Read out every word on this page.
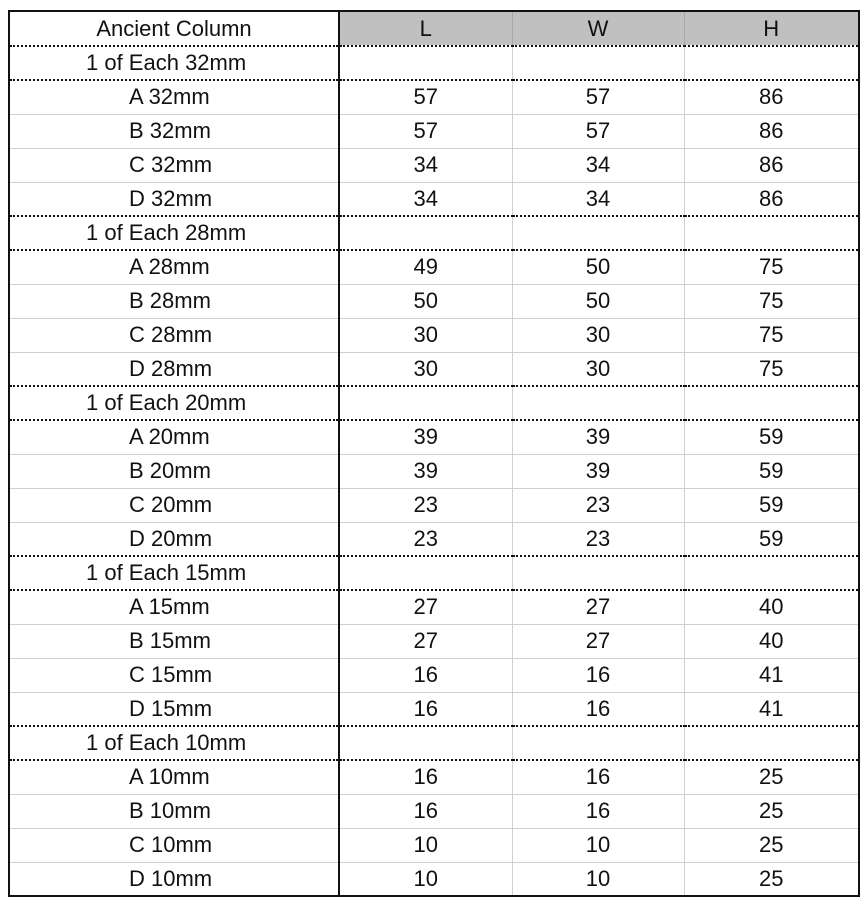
Ancient Column	L	W	H
1 of Each 32mm			
A 32mm	57	57	86
B 32mm	57	57	86
C 32mm	34	34	86
D 32mm	34	34	86
1 of Each 28mm			
A 28mm	49	50	75
B 28mm	50	50	75
C 28mm	30	30	75
D 28mm	30	30	75
1 of Each 20mm			
A 20mm	39	39	59
B 20mm	39	39	59
C 20mm	23	23	59
D 20mm	23	23	59
1 of Each 15mm			
A 15mm	27	27	40
B 15mm	27	27	40
C 15mm	16	16	41
D 15mm	16	16	41
1 of Each 10mm			
A 10mm	16	16	25
B 10mm	16	16	25
C 10mm	10	10	25
D 10mm	10	10	25
